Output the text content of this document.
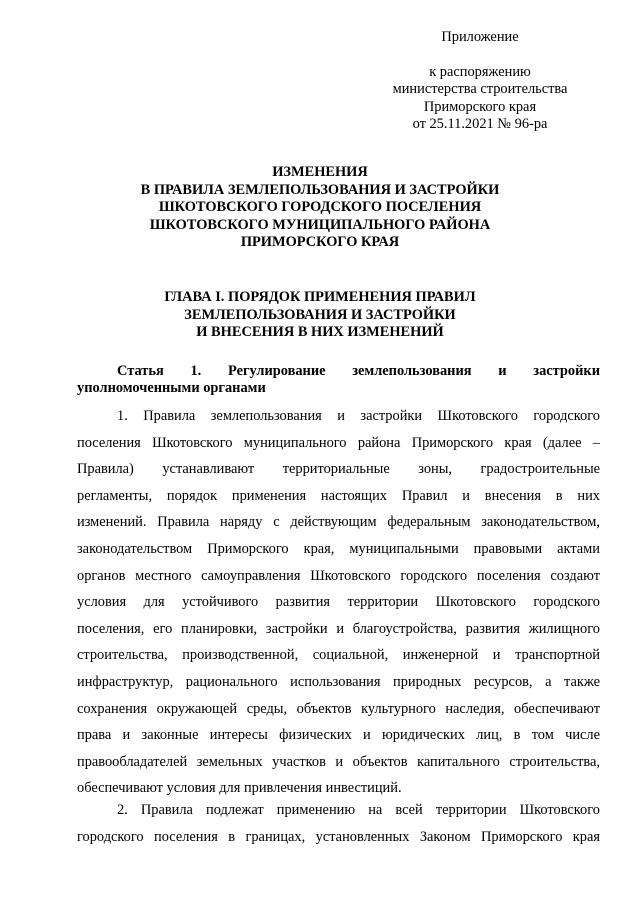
Приложение
к распоряжению
министерства строительства
Приморского края
от 25.11.2021 № 96-ра
ИЗМЕНЕНИЯ
В ПРАВИЛА ЗЕМЛЕПОЛЬЗОВАНИЯ И ЗАСТРОЙКИ
ШКОТОВСКОГО ГОРОДСКОГО ПОСЕЛЕНИЯ
ШКОТОВСКОГО МУНИЦИПАЛЬНОГО РАЙОНА
ПРИМОРСКОГО КРАЯ
ГЛАВА I. ПОРЯДОК ПРИМЕНЕНИЯ ПРАВИЛ
ЗЕМЛЕПОЛЬЗОВАНИЯ И ЗАСТРОЙКИ
И ВНЕСЕНИЯ В НИХ ИЗМЕНЕНИЙ
Статья 1. Регулирование землепользования и застройки
уполномоченными органами
1. Правила землепользования и застройки Шкотовского городского
поселения Шкотовского муниципального района Приморского края (далее –
Правила) устанавливают территориальные зоны, градостроительные
регламенты, порядок применения настоящих Правил и внесения в них
изменений. Правила наряду с действующим федеральным законодательством,
законодательством Приморского края, муниципальными правовыми актами
органов местного самоуправления Шкотовского городского поселения создают
условия для устойчивого развития территории Шкотовского городского
поселения, его планировки, застройки и благоустройства, развития жилищного
строительства, производственной, социальной, инженерной и транспортной
инфраструктур, рационального использования природных ресурсов, а также
сохранения окружающей среды, объектов культурного наследия, обеспечивают
права и законные интересы физических и юридических лиц, в том числе
правообладателей земельных участков и объектов капитального строительства,
обеспечивают условия для привлечения инвестиций.
2. Правила подлежат применению на всей территории Шкотовского
городского поселения в границах, установленных Законом Приморского края
